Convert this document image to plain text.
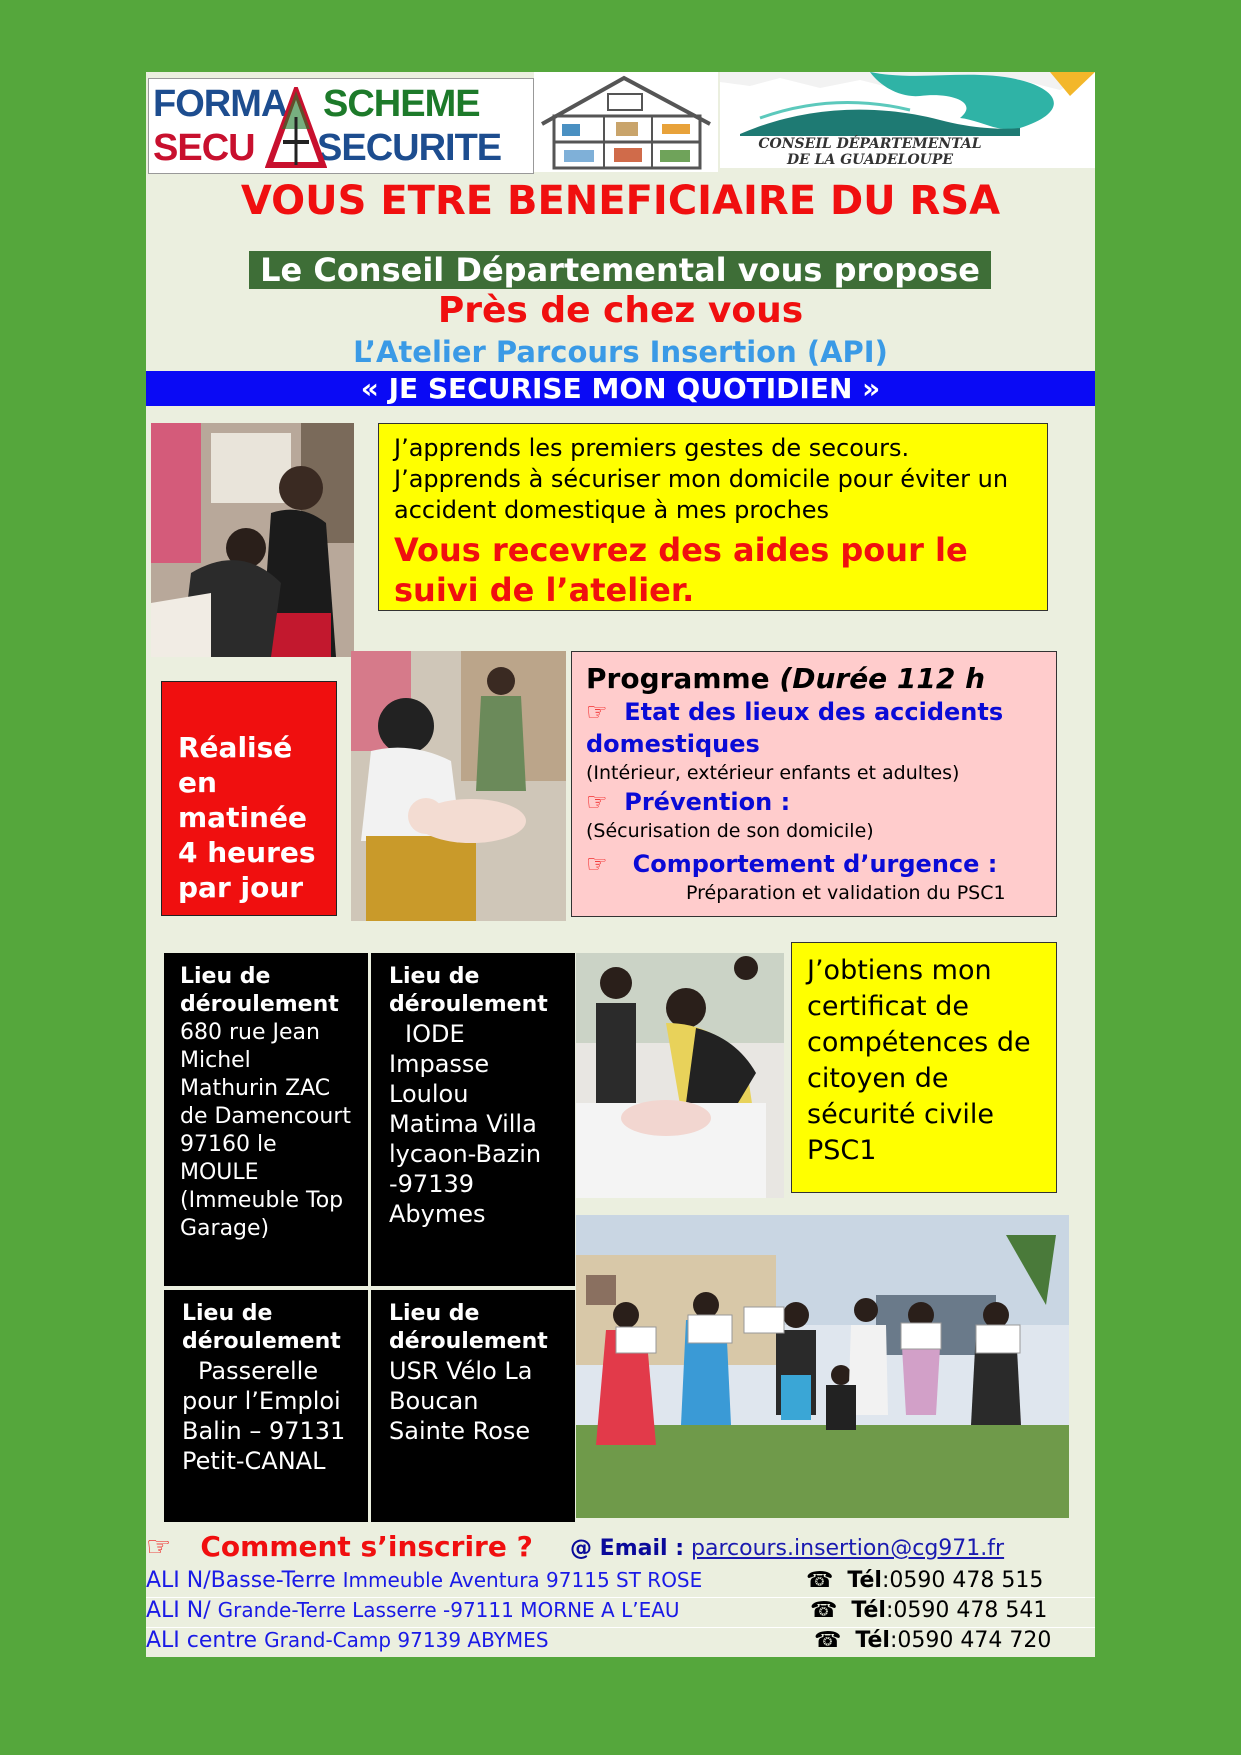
FORMA
SECU
SCHEME
SECURITE	CONSEIL DÉPARTEMENTAL
DE LA GUADELOUPE
VOUS ETRE BENEFICIAIRE DU RSA
Le Conseil Départemental vous propose
Près de chez vous
L’Atelier Parcours Insertion (API)
« JE SECURISE MON QUOTIDIEN »
J’apprends les premiers gestes de secours.
J’apprends à sécuriser mon domicile pour éviter un accident domestique à mes proches
Vous recevrez des aides pour le suivi de l’atelier.
Réalisé
en
matinée
4 heures
par jour
Programme (Durée 112 h
☞ Etat des lieux des accidents domestiques
(Intérieur, extérieur enfants et adultes)
☞ Prévention :
(Sécurisation de son domicile)
☞ Comportement d’urgence :
Préparation et validation du PSC1
Lieu de déroulement
680 rue Jean Michel Mathurin ZAC de Damencourt 97160 le MOULE (Immeuble Top Garage)
Lieu de déroulement
IODE Impasse Loulou Matima Villa lycaon-Bazin -97139 Abymes
Lieu de déroulement
Passerelle pour l’Emploi Balin – 97131 Petit-CANAL
Lieu de déroulement
USR Vélo La Boucan Sainte Rose
J’obtiens mon certificat de compétences de citoyen de sécurité civile PSC1
☞ Comment s’inscrire ? @ Email : parcours.insertion@cg971.fr
ALI N/Basse-Terre Immeuble Aventura 97115 ST ROSE	☎ Tél:0590 478 515
ALI N/ Grande-Terre Lasserre -97111 MORNE A L’EAU	☎ Tél:0590 478 541
ALI centre Grand-Camp 97139 ABYMES	☎ Tél:0590 474 720
